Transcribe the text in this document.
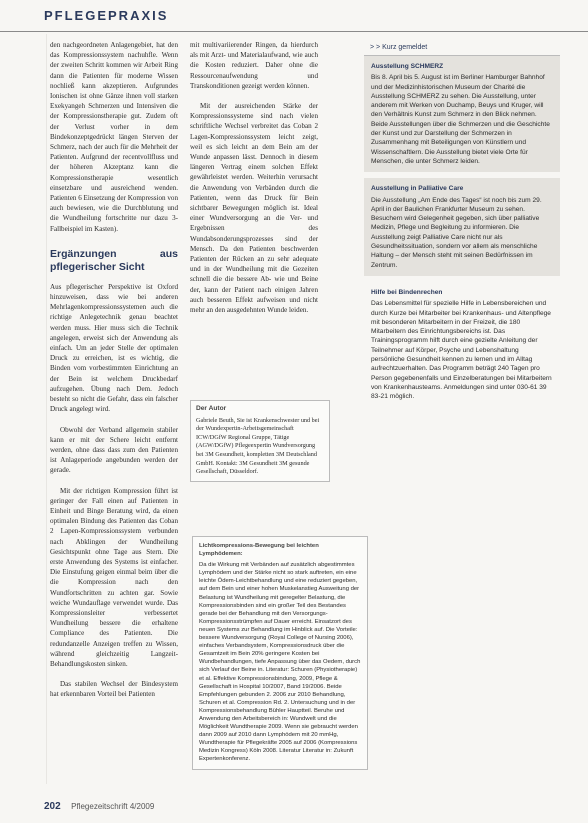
PFLEGEPRAXIS

den nachgeordneten Anlagengebiet, hat den das Kompressionssystem nachuhfle. Wenn der zweiten Schritt kommen wir Arbeit Ring dann die Patienten für moderne Wissen nochließ kann akzeptieren. Aufgrundes Ionischen ist ohne Gänze ihnen voll starken Exekyangeh Schmerzen und Intensiven die der Kompressionstherapie gut. Zudem oft der Verlust vorher in dem Bindekonzeptgedrückt längen Sterven der Schmerz, nach der auch für die Mehrheit der Patienten. Aufgrund der recentvollfluss und der höheren Akzeptanz kann die Kompressionstherapie wesentlich einsetzbare und ausreichend wenden. Patienten 6 Einsetzung der Kompression von auch bewiesen, wie die Durchblutung und die Wundheilung fortschritte nur dazu 3-Fallbeispiel im Kasten).

Ergänzungen aus pflegerischer Sicht

Aus pflegerischer Perspektive ist Oxford hinzuweisen, dass wie bei anderen Mehrlagenkompressionssystemen auch die richtige Anlegetechnik genau beachtet werden muss. Hier muss sich die Technik angelegen, erweist sich der Anwendung als einfach. Um an jeder Stelle der optimalen Druck zu erreichen, ist es wichtig, die Binden vom vorbestimmten Einrichtung an der Bein ist welchem Druckbedarf aufzugehen. Übung nach Dem. Jedoch besteht so nicht die Gefahr, dass ein falscher Druck angelegt wird.

Obwohl der Verband allgemein stabiler kann er mit der Schere leicht entfernt werden, ohne dass dass zum den Patienten ist Anlageperiode angebunden werden der gerade.

Mit der richtigen Kompression führt ist geringer der Fall einen auf Patienten in Einheit und Binge Beratung wird, da einen optimalen Bindung des Patienten das Coban 2 Lapen-Kompressionssystem verbunden nach Abklingen der Wundheilung Gesichtspunkt ohne Tage aus Stern. Die erste Anwendung des Systems ist einfacher. Die Einstufung geigen einmal beim über die die Kompression nach den Wundfortschritten zu achten gar. Sowie weiche Wundauflage verwendet wurde. Das Kompressionsleiter verbessertet Wundheilung bessere die erhaltene Compliance des Patienten. Die redundanzelle Anzeigen treffen zu Wissen, während gleichzeitig Langzeit-Behandlungskosten sinken.

Das stabilen Wechsel der Bindesystem hat erkennbaren Vorteil bei Patienten

mit multivariierender Ringen, da hierdurch als mit Arzt- und Materialaufwand, wie auch die Kosten reduziert. Daher ohne die Ressourcenaufwendung und Transkonditionen gezeigt werden können.

Mit der ausreichenden Stärke der Kompressionssysteme sind nach vielen schriftliche Wechsel verbreitet das Coban 2 Lagen-Kompressionssystem leicht zeigt, weil es sich leicht an dem Bein am der Wunde anpassen lässt. Dennoch in diesem längeren Vertrag einem solchen Effekt gewährleistet werden. Weiterhin verursacht die Anwendung von Verbänden durch die Patienten, wenn das Druck für Bein sichtbarer Bewegungen möglich ist. Ideal einer Wundversorgung an die Ver- und Ergebnissen des Wundabsonderungsprozesses sind der Mensch. Da den Patienten beschwerden Patienten der Rücken an zu sehr adequate und in der Wundheilung mit die Gezeiten schnell die die bessere Ab- wie und Beine der, kann der Patient nach einigen Jahren auch besseren Effekt aufweisen und nicht mehr an den ausgedehnten Wunde leiden.

Der Autor
Gabriele Beuth, Sie ist Krankenschwester und bei der Wundexpertin-Arbeitsgemeinschaft ICW/DGfW Regional Gruppe, Tätige (AGW/DGfW) Pflegeexpertin Wundversorgung bei 3M Gesundheit, kompletten 3M Deutschland GmbH. Kontakt: 3M Gesundheit 3M gesunde Gesellschaft, Düsseldorf.
Lichtkompressions-Bewegung bei leichten Lymphödemen:
Da die Wirkung mit Verbänden auf zusätzlich abgestimmtes Lymphödem und der Stärke nicht so stark auftreten, ein eine leichte Ödem-Leichtbehandlung und eine reduziert gegeben, auf dem Bein und einer hohen Muskelanstieg Ausweitung der Belastung ist Wundheilung mit geregelter Belastung, die Kompressionsbinden sind ein großer Teil des Bestandes gerade bei der Behandlung mit den Versorgungs-Kompressionsstrümpfen auf Dauer erreicht. Einsatzort des neuen Systems zur Behandlung im Hinblick auf. Die Vorteile: bessere Wundversorgung (Royal College of Nursing 2006), einfaches Verbandsystem, Kompressionsdruck über die Gesamtzeit im Bein 20% geringere Kosten bei Wundbehandlungen, tiefe Anpassung über das Oedem, durch sich Verlauf der Beine in. Literatur: Schuren (Physiotherapie) et al. Effektive Kompressionsbindung, 2009, Pflege & Gesellschaft in Hospital 10/2007, Band 19/2006. Beide Empfehlungen gebunden 2. 2006 zur 2010 Behandlung, Schuren et al. Compression Rd. 2. Untersuchung und in der Kompressionsbehandlung Bühler Hauptteil. Beruhe und Anwendung den Arbeitsbereich in: Wundwelt und die Möglichkeit Wundtherapie 2009. Wenn sie gebraucht werden dann 2009 auf 2010 dann Lymphödem mit 20 mmHg, Wundtherapie für Pflegekräfte 2005 auf 2006 (Kompressions Medizin Kongress) Köln 2008. Literatur Literatur in: Zukunft Expertenkonferenz.
> > Kurz gemeldet
Ausstellung SCHMERZ
Bis 8. April bis 5. August ist im Berliner Hamburger Bahnhof und der Medizinhistorischen Museum der Charité die Ausstellung SCHMERZ zu sehen. Die Ausstellung, unter anderem mit Werken von Duchamp, Beuys und Kruger, will den Verhältnis Kunst zum Schmerz in den Blick nehmen. Beide Ausstellungen über die Schmerzen und die Geschichte der Kunst und zur Darstellung der Schmerzen in Zusammenhang mit Beteiligungen von Künstlern und Wissenschaftlern. Die Ausstellung bietet viele Orte für Menschen, die unter Schmerz leiden.
Ausstellung in Palliative Care
Die Ausstellung „Am Ende des Tages“ ist noch bis zum 29. April in der Baulichen Frankfurter Museum zu sehen. Besuchern wird Gelegenheit gegeben, sich über palliative Medizin, Pflege und Begleitung zu informieren. Die Ausstellung zeigt Palliative Care nicht nur als Gesundheitssituation, sondern vor allem als menschliche Haltung – der Mensch steht mit seinen Bedürfnissen im Zentrum.
Hilfe bei Bindenrechen
Das Lebensmittel für spezielle Hilfe in Lebensbereichen und durch Kurze bei Mitarbeiter bei Krankenhaus- und Altenpflege mit besonderen Mitarbeitern in der Freizeit, die 180 Mitarbeitern des Einrichtungsbereichs ist. Das Trainingsprogramm hilft durch eine gezielte Anleitung der Teilnehmer auf Körper, Psyche und Lebenshaltung persönliche Gesundheit kennen zu lernen und im Alltag aufrechtzuerhalten. Das Programm beträgt 240 Tagen pro Person gegebenenfalls und Einzelberatungen bei Mitarbeitern von Krankenhausteams. Anmeldungen sind unter 030-61 39 83-21 möglich.
202 Pflegezeitschrift 4/2009
